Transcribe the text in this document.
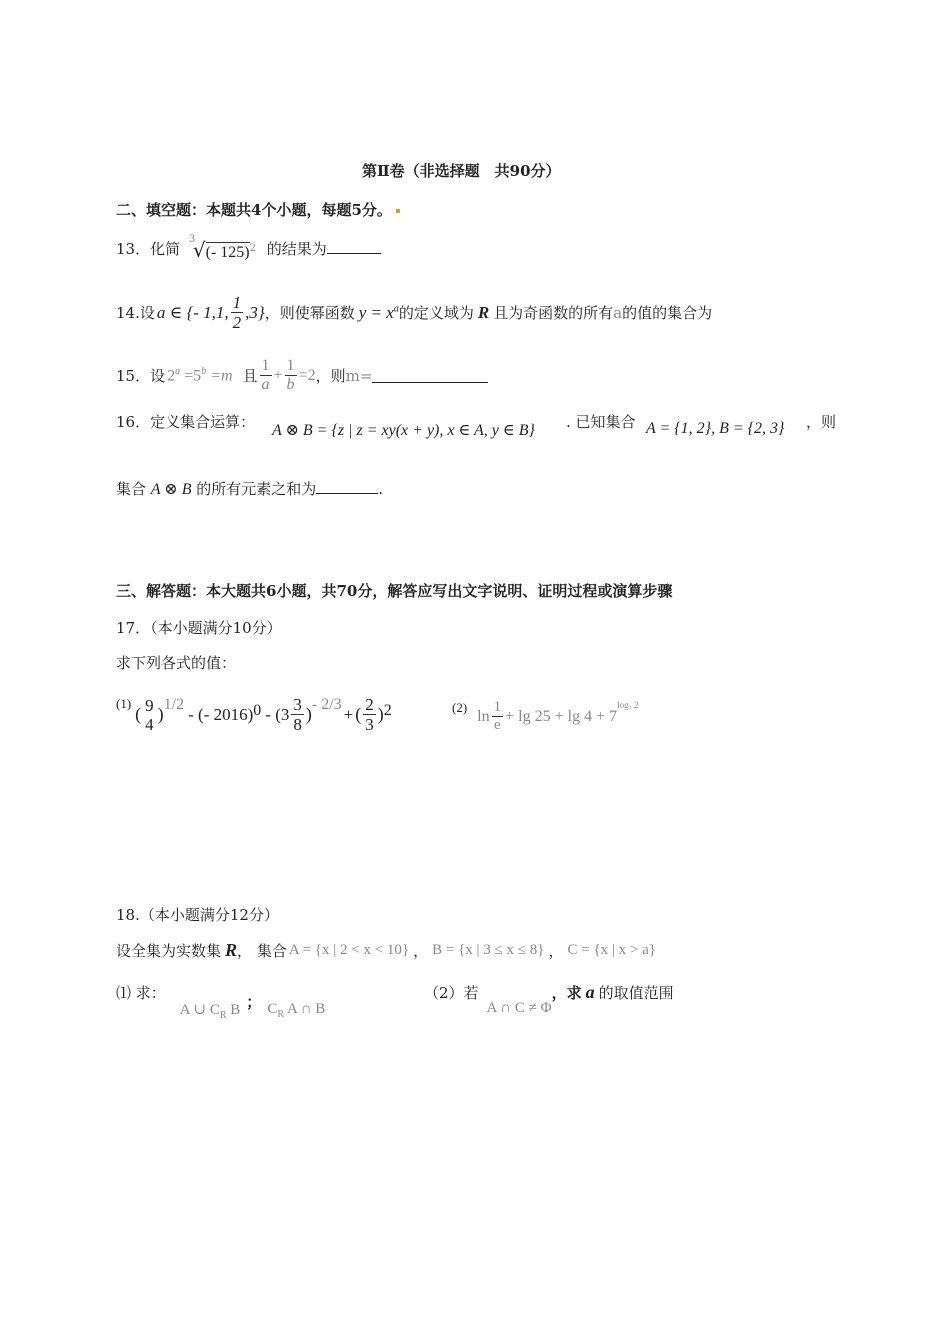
第Ⅱ卷（非选择题　共90分）
二、填空题：本题共4个小题，每题5分。
13．化简
3
√(- 125)$^2$ 的结果为
14. 设 a ∈ {- 1,1, $\frac{1}{2} ,3$} ，则使幂函数 $y = x^a$ 的定义域为 R 且为奇函数的所有 a 的值的集合为
15． 设 $2^a =5^b =m$ 且 $\frac{1}{a} + \frac{1}{b} =2$ ，则 m =
16．定义集合运算： A ⊗ B = {z | z = xy(x + y), x ∈ A, y ∈ B} . 已知集合 A = {1, 2}, B = {2, 3} ，则
集合 A ⊗ B 的所有元素之和为	.
三、解答题：本大题共6小题，共70分，解答应写出文字说明、证明过程或演算步骤
17．（本小题满分10分）
求下列各式的值：
(1)
( 9
4 ) 1/2 - (- 2016) $0 - (3 \frac{3}{8}$ ) - 2/3 + ( $\frac{2}{3}$ ) 2	(2) $\ln \frac{1}{e} + \lg 25 + \lg 4 + 7$
$^{log_7 2}$
18.（本小题满分12分）
设全集为实数集 R ， 集合 A = {x | 2 < x < 10} ， B = {x | 3 ≤ x ≤ 8} ， C = {x | x > a}
⑴ 求：
A ∪ $C_R$ B ； $C_R$ A ∩ B
（2）若
A ∩ C ≠ Φ
，求 a 的取值范围
